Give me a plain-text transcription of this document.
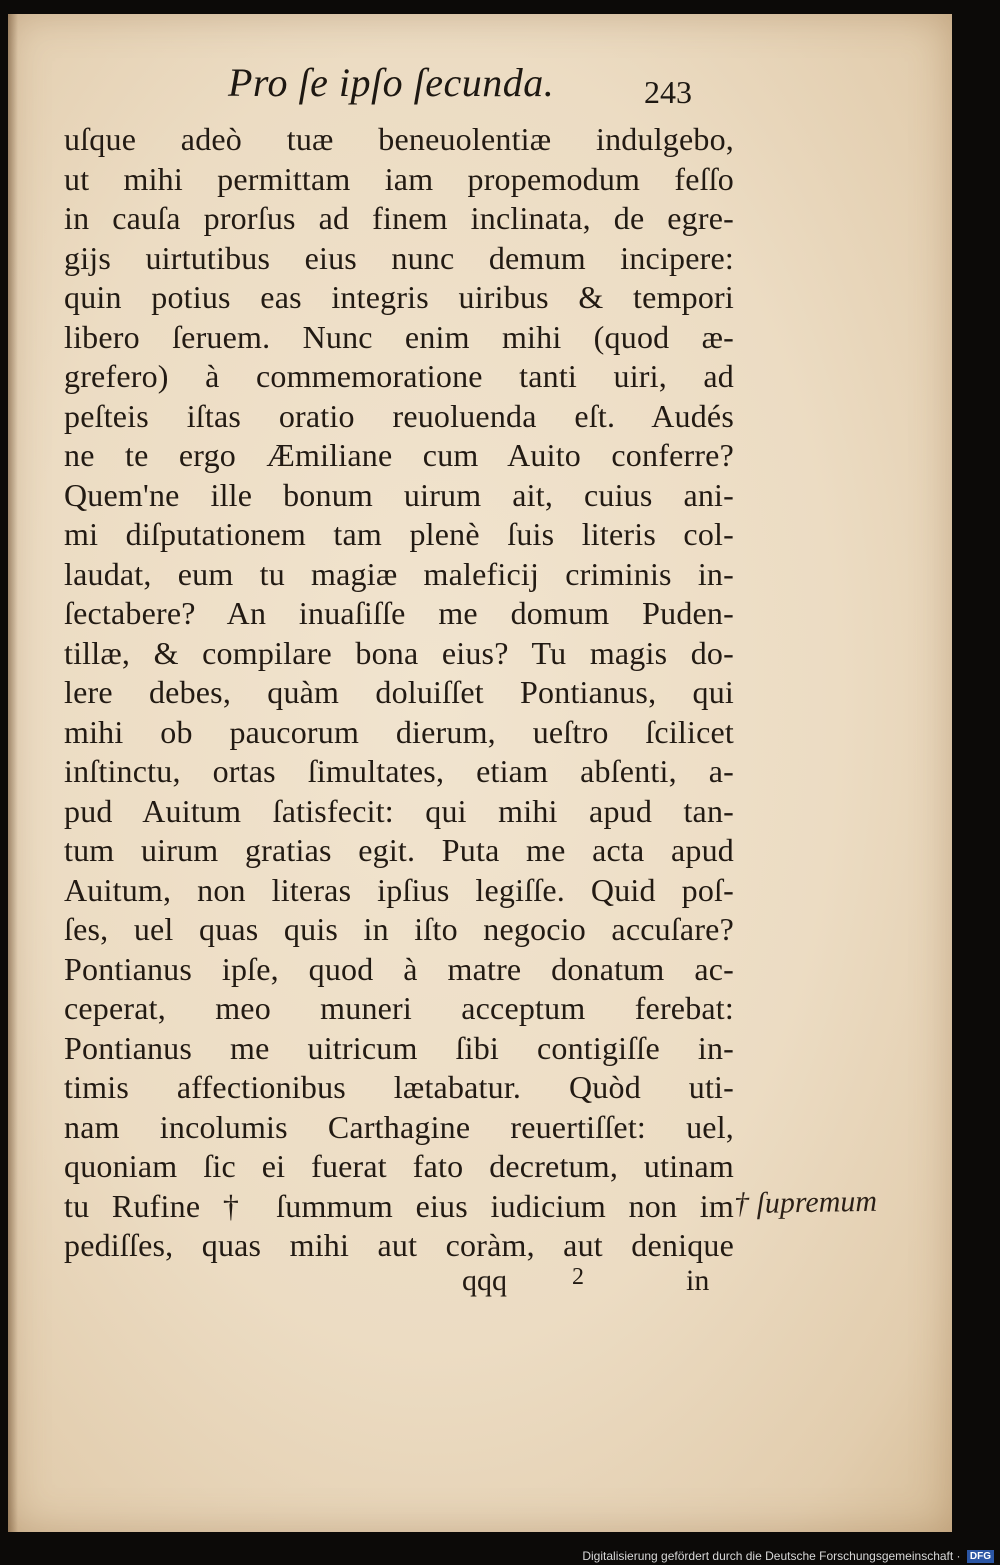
Pro ſe ipſo ſecunda.	243
uſque adeò tuæ beneuolentiæ indulgebo,
ut mihi permittam iam propemodum feſſo
in cauſa prorſus ad finem inclinata, de egre-
gijs uirtutibus eius nunc demum incipere:
quin potius eas integris uiribus & tempori
libero ſeruem. Nunc enim mihi (quod æ-
grefero) à commemoratione tanti uiri, ad
peſteis iſtas oratio reuoluenda eſt. Audés
ne te ergo Æmiliane cum Auito conferre?
Quem'ne ille bonum uirum ait, cuius ani-
mi diſputationem tam plenè ſuis literis col-
laudat, eum tu magiæ maleficij criminis in-
ſectabere? An inuaſiſſe me domum Puden-
tillæ, & compilare bona eius? Tu magis do-
lere debes, quàm doluiſſet Pontianus, qui
mihi ob paucorum dierum, ueſtro ſcilicet
inſtinctu, ortas ſimultates, etiam abſenti, a-
pud Auitum ſatisfecit: qui mihi apud tan-
tum uirum gratias egit. Puta me acta apud
Auitum, non literas ipſius legiſſe. Quid poſ-
ſes, uel quas quis in iſto negocio accuſare?
Pontianus ipſe, quod à matre donatum ac-
ceperat, meo muneri acceptum ferebat:
Pontianus me uitricum ſibi contigiſſe in-
timis affectionibus lætabatur. Quòd uti-
nam incolumis Carthagine reuertiſſet: uel,
quoniam ſic ei fuerat fato decretum, utinam
tu Rufine † ſummum eius iudicium non im
pediſſes, quas mihi aut coràm, aut denique
qqq	2	in
† ſupremum
Digitalisierung gefördert durch die Deutsche Forschungsgemeinschaft · DFG
